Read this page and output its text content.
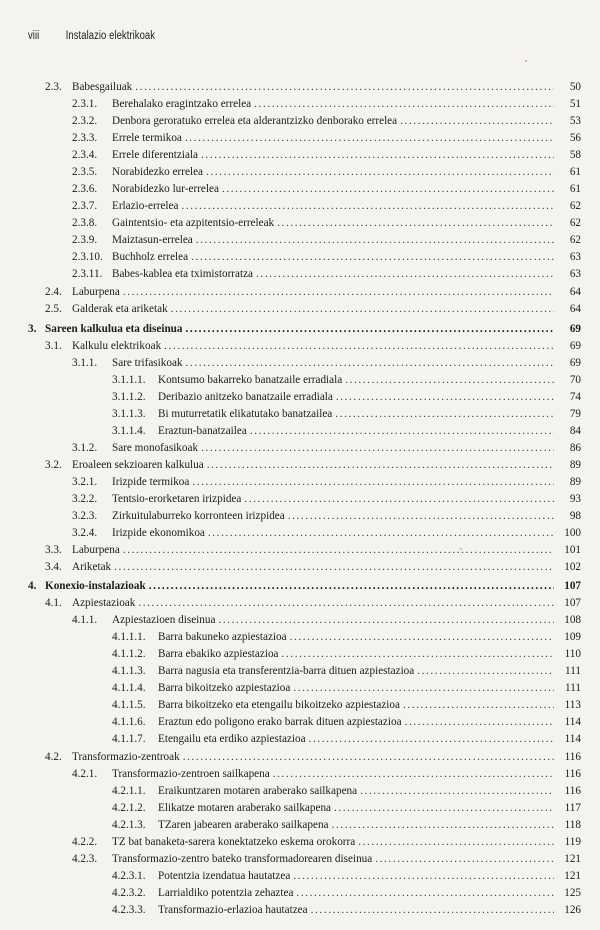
viii Instalazio elektrikoak
2.3. Babesgailuak . . .	50
2.3.1.	Berehalako eragintzako errelea . . .	51
2.3.2.	Denbora geroratuko errelea eta alderantzizko denborako errelea . . .	53
2.3.3.	Errele termikoa . . .	56
2.3.4.	Errele diferentziala . . .	58
2.3.5.	Norabidezko errelea . . .	61
2.3.6.	Norabidezko lur-errelea . . .	61
2.3.7.	Erlazio-errelea . . .	62
2.3.8.	Gaintentsio- eta azpitentsio-erreleak . . .	62
2.3.9.	Maiztasun-errelea . . .	62
2.3.10. Buchholz errelea . . .	63
2.3.11. Babes-kablea eta tximistorratza . . .	63
2.4. Laburpena . . .	64
2.5. Galderak eta ariketak . . .	64
3. Sareen kalkulua eta diseinua . . .	69
3.1. Kalkulu elektrikoak . . .	69
3.1.1.	Sare trifasikoak . . .	69
3.1.1.1.	Kontsumo bakarreko banatzaile erradiala . . .	70
3.1.1.2.	Deribazio anitzeko banatzaile erradiala . . .	74
3.1.1.3.	Bi muturretatik elikatutako banatzailea . . .	79
3.1.1.4.	Eraztun-banatzailea . . .	84
3.1.2.	Sare monofasikoak . . .	86
3.2. Eroaleen sekzioaren kalkulua . . .	89
3.2.1.	Irizpide termikoa . . .	89
3.2.2.	Tentsio-erorketaren irizpidea . . .	93
3.2.3.	Zirkuitulaburreko korronteen irizpidea . . .	98
3.2.4.	Irizpide ekonomikoa . . .	100
3.3. Laburpena . . .	101
3.4. Ariketak . . .	102
4. Konexio-instalazioak . . .	107
4.1. Azpiestazioak . . .	107
4.1.1.	Azpiestazioen diseinua . . .	108
4.1.1.1.	Barra bakuneko azpiestazioa . . .	109
4.1.1.2.	Barra ebakiko azpiestazioa . . .	110
4.1.1.3.	Barra nagusia eta transferentzia-barra dituen azpiestazioa . . .	111
4.1.1.4.	Barra bikoitzeko azpiestazioa . . .	111
4.1.1.5.	Barra bikoitzeko eta etengailu bikoitzeko azpiestazioa . . .	113
4.1.1.6.	Eraztun edo poligono erako barrak dituen azpiestazioa . . .	114
4.1.1.7.	Etengailu eta erdiko azpiestazioa . . .	114
4.2. Transformazio-zentroak . . .	116
4.2.1.	Transformazio-zentroen sailkapena . . .	116
4.2.1.1.	Eraikuntzaren motaren araberako sailkapena . . .	116
4.2.1.2.	Elikatze motaren araberako sailkapena . . .	117
4.2.1.3.	TZaren jabearen araberako sailkapena . . .	118
4.2.2.	TZ bat banaketa-sarera konektatzeko eskema orokorra . . .	119
4.2.3.	Transformazio-zentro bateko transformadorearen diseinua . . .	121
4.2.3.1.	Potentzia izendatua hautatzea . . .	121
4.2.3.2.	Larrialdiko potentzia zehaztea . . .	125
4.2.3.3.	Transformazio-erlazioa hautatzea . . .	126
